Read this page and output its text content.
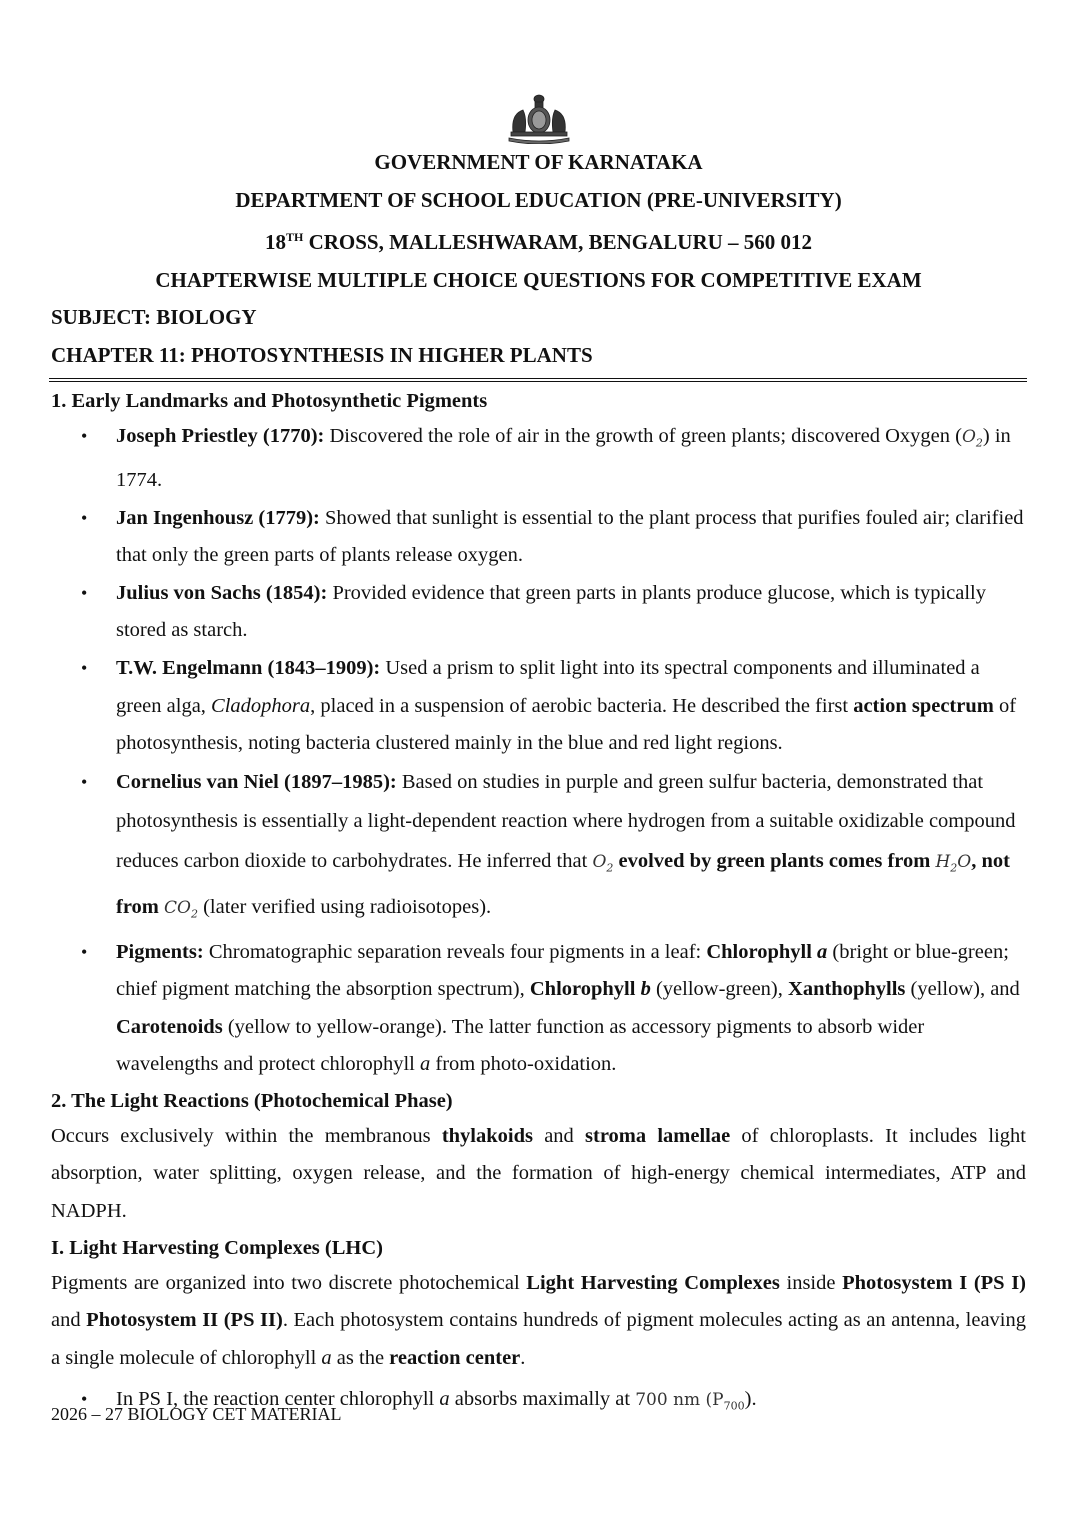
GOVERNMENT OF KARNATAKA
DEPARTMENT OF SCHOOL EDUCATION (PRE-UNIVERSITY)
18TH CROSS, MALLESHWARAM, BENGALURU – 560 012
CHAPTERWISE MULTIPLE CHOICE QUESTIONS FOR COMPETITIVE EXAM
SUBJECT: BIOLOGY
CHAPTER 11: PHOTOSYNTHESIS IN HIGHER PLANTS
1. Early Landmarks and Photosynthetic Pigments
• Joseph Priestley (1770): Discovered the role of air in the growth of green plants; discovered Oxygen $(O_2)$ in 1774.
• Jan Ingenhousz (1779): Showed that sunlight is essential to the plant process that purifies fouled air; clarified that only the green parts of plants release oxygen.
• Julius von Sachs (1854): Provided evidence that green parts in plants produce glucose, which is typically stored as starch.
• T.W. Engelmann (1843–1909): Used a prism to split light into its spectral components and illuminated a green alga, Cladophora, placed in a suspension of aerobic bacteria. He described the first action spectrum of photosynthesis, noting bacteria clustered mainly in the blue and red light regions.
• Cornelius van Niel (1897–1985): Based on studies in purple and green sulfur bacteria, demonstrated that photosynthesis is essentially a light-dependent reaction where hydrogen from a suitable oxidizable compound reduces carbon dioxide to carbohydrates. He inferred that $O_2$ evolved by green plants comes from $H_2O$, not from $CO_2$ (later verified using radioisotopes).
• Pigments: Chromatographic separation reveals four pigments in a leaf: Chlorophyll a (bright or blue-green; chief pigment matching the absorption spectrum), Chlorophyll b (yellow-green), Xanthophylls (yellow), and Carotenoids (yellow to yellow-orange). The latter function as accessory pigments to absorb wider wavelengths and protect chlorophyll a from photo-oxidation.
2. The Light Reactions (Photochemical Phase)
Occurs exclusively within the membranous thylakoids and stroma lamellae of chloroplasts. It includes light absorption, water splitting, oxygen release, and the formation of high-energy chemical intermediates, ATP and NADPH.
I. Light Harvesting Complexes (LHC)
Pigments are organized into two discrete photochemical Light Harvesting Complexes inside Photosystem I (PS I) and Photosystem II (PS II). Each photosystem contains hundreds of pigment molecules acting as an antenna, leaving a single molecule of chlorophyll a as the reaction center.
• In PS I, the reaction center chlorophyll a absorbs maximally at 700 nm $(P_{700})$.
2026 – 27 BIOLOGY CET MATERIAL
